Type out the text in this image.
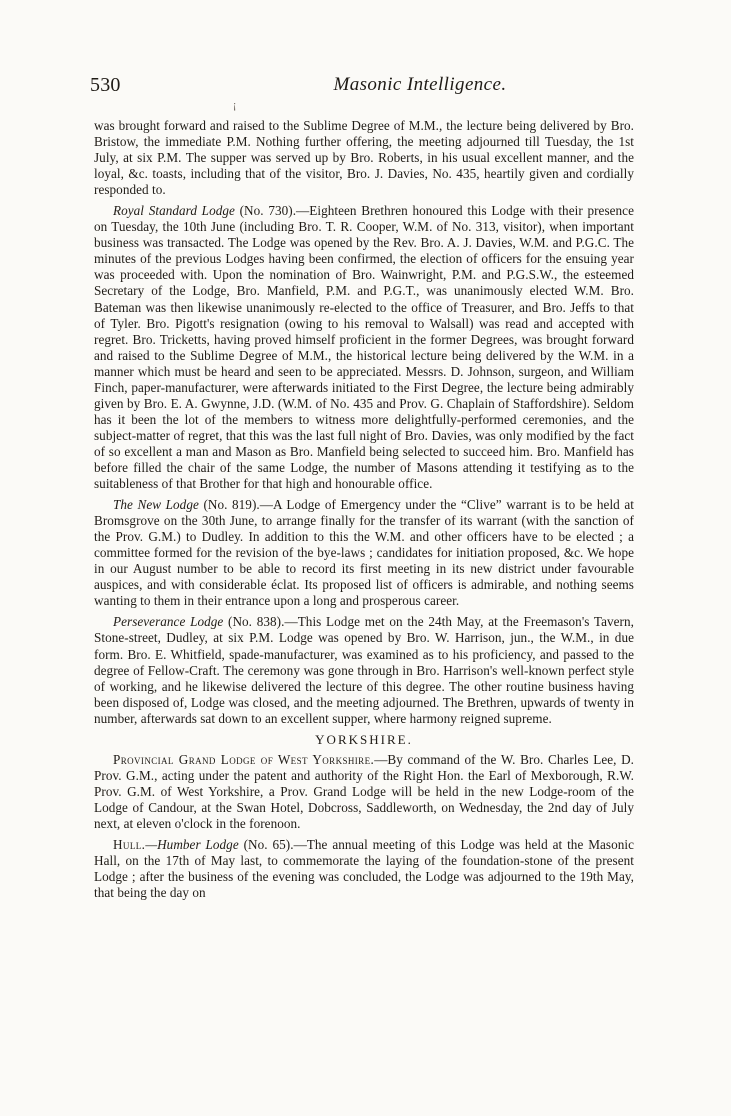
530	Masonic Intelligence.
¡

was brought forward and raised to the Sublime Degree of M.M., the lecture being delivered by Bro. Bristow, the immediate P.M. Nothing further offering, the meeting adjourned till Tuesday, the 1st July, at six P.M. The supper was served up by Bro. Roberts, in his usual excellent manner, and the loyal, &c. toasts, including that of the visitor, Bro. J. Davies, No. 435, heartily given and cordially responded to.

Royal Standard Lodge (No. 730).—Eighteen Brethren honoured this Lodge with their presence on Tuesday, the 10th June (including Bro. T. R. Cooper, W.M. of No. 313, visitor), when important business was transacted. The Lodge was opened by the Rev. Bro. A. J. Davies, W.M. and P.G.C. The minutes of the previous Lodges having been confirmed, the election of officers for the ensuing year was proceeded with. Upon the nomination of Bro. Wainwright, P.M. and P.G.S.W., the esteemed Secretary of the Lodge, Bro. Manfield, P.M. and P.G.T., was unanimously elected W.M. Bro. Bateman was then likewise unanimously re-elected to the office of Treasurer, and Bro. Jeffs to that of Tyler. Bro. Pigott's resignation (owing to his removal to Walsall) was read and accepted with regret. Bro. Tricketts, having proved himself proficient in the former Degrees, was brought forward and raised to the Sublime Degree of M.M., the historical lecture being delivered by the W.M. in a manner which must be heard and seen to be appreciated. Messrs. D. Johnson, surgeon, and William Finch, paper-manufacturer, were afterwards initiated to the First Degree, the lecture being admirably given by Bro. E. A. Gwynne, J.D. (W.M. of No. 435 and Prov. G. Chaplain of Staffordshire). Seldom has it been the lot of the members to witness more delightfully-performed ceremonies, and the subject-matter of regret, that this was the last full night of Bro. Davies, was only modified by the fact of so excellent a man and Mason as Bro. Manfield being selected to succeed him. Bro. Manfield has before filled the chair of the same Lodge, the number of Masons attending it testifying as to the suitableness of that Brother for that high and honourable office.

The New Lodge (No. 819).—A Lodge of Emergency under the “Clive” warrant is to be held at Bromsgrove on the 30th June, to arrange finally for the transfer of its warrant (with the sanction of the Prov. G.M.) to Dudley. In addition to this the W.M. and other officers have to be elected ; a committee formed for the revision of the bye-laws ; candidates for initiation proposed, &c. We hope in our August number to be able to record its first meeting in its new district under favourable auspices, and with considerable éclat. Its proposed list of officers is admirable, and nothing seems wanting to them in their entrance upon a long and prosperous career.

Perseverance Lodge (No. 838).—This Lodge met on the 24th May, at the Freemason's Tavern, Stone-street, Dudley, at six P.M. Lodge was opened by Bro. W. Harrison, jun., the W.M., in due form. Bro. E. Whitfield, spade-manufacturer, was examined as to his proficiency, and passed to the degree of Fellow-Craft. The ceremony was gone through in Bro. Harrison's well-known perfect style of working, and he likewise delivered the lecture of this degree. The other routine business having been disposed of, Lodge was closed, and the meeting adjourned. The Brethren, upwards of twenty in number, afterwards sat down to an excellent supper, where harmony reigned supreme.

YORKSHIRE.

Provincial Grand Lodge of West Yorkshire.—By command of the W. Bro. Charles Lee, D. Prov. G.M., acting under the patent and authority of the Right Hon. the Earl of Mexborough, R.W. Prov. G.M. of West Yorkshire, a Prov. Grand Lodge will be held in the new Lodge-room of the Lodge of Candour, at the Swan Hotel, Dobcross, Saddleworth, on Wednesday, the 2nd day of July next, at eleven o'clock in the forenoon.

Hull.—Humber Lodge (No. 65).—The annual meeting of this Lodge was held at the Masonic Hall, on the 17th of May last, to commemorate the laying of the foundation-stone of the present Lodge ; after the business of the evening was concluded, the Lodge was adjourned to the 19th May, that being the day on
